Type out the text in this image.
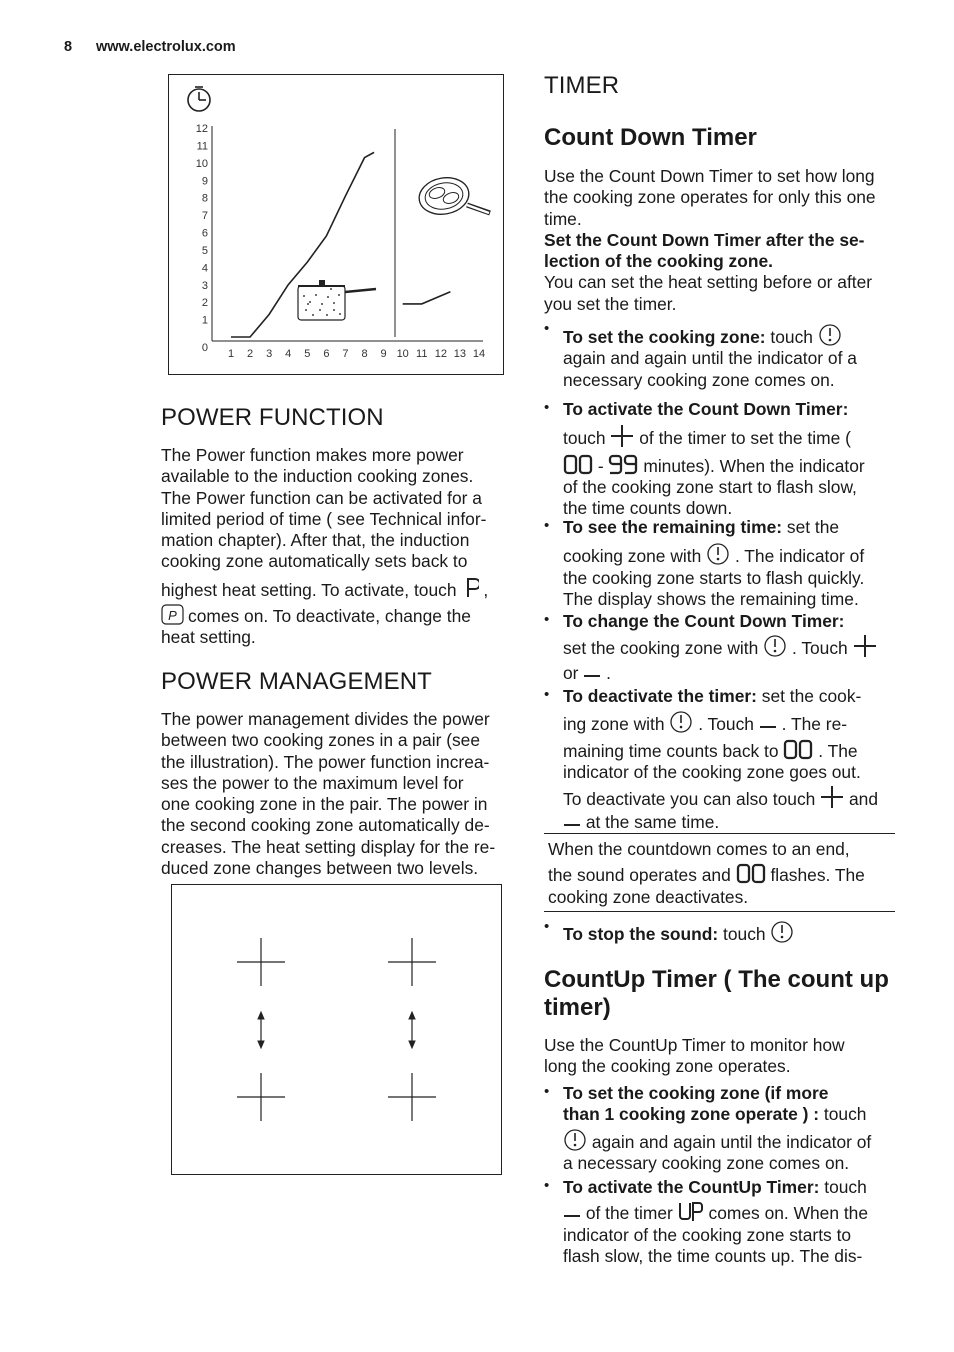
8 www.electrolux.com
12
11
10
9
8
7
6
5
4
3
2
1
0 1 2 3 4 5 6 7 8 9 10 11 12 13 14
POWER FUNCTION

The Power function makes more power

available to the induction cooking zones.

The Power function can be activated for a

limited period of time ( see Technical infor-

mation chapter). After that, the induction

cooking zone automatically sets back to

highest heat setting. To activate, touch ,

P comes on. To deactivate, change the

heat setting.

POWER MANAGEMENT

The power management divides the power

between two cooking zones in a pair (see

the illustration). The power function increa-

ses the power to the maximum level for

one cooking zone in the pair. The power in

the second cooking zone automatically de-

creases. The heat setting display for the re-

duced zone changes between two levels.

TIMER
Count Down Timer

Use the Count Down Timer to set how long

the cooking zone operates for only this one

time.

Set the Count Down Timer after the se-

lection of the cooking zone.

You can set the heat setting before or after

you set the timer.

• To set the cooking zone: touch
again and again until the indicator of a
necessary cooking zone comes on.
• To activate the Count Down Timer:
touch of the timer to set the time (
- minutes). When the indicator
of the cooking zone start to flash slow,
the time counts down.
• To see the remaining time: set the
cooking zone with . The indicator of
the cooking zone starts to flash quickly.
The display shows the remaining time.
• To change the Count Down Timer:
set the cooking zone with . Touch
or .
• To deactivate the timer: set the cook-
ing zone with . Touch . The re-
maining time counts back to . The
indicator of the cooking zone goes out.
To deactivate you can also touch and
at the same time.
When the countdown comes to an end,
the sound operates and flashes. The
cooking zone deactivates.
• To stop the sound: touch
CountUp Timer ( The count up
timer)

Use the CountUp Timer to monitor how

long the cooking zone operates.

• To set the cooking zone (if more
than 1 cooking zone operate ) : touch
again and again until the indicator of
a necessary cooking zone comes on.
• To activate the CountUp Timer: touch
of the timer comes on. When the
indicator of the cooking zone starts to
flash slow, the time counts up. The dis-
